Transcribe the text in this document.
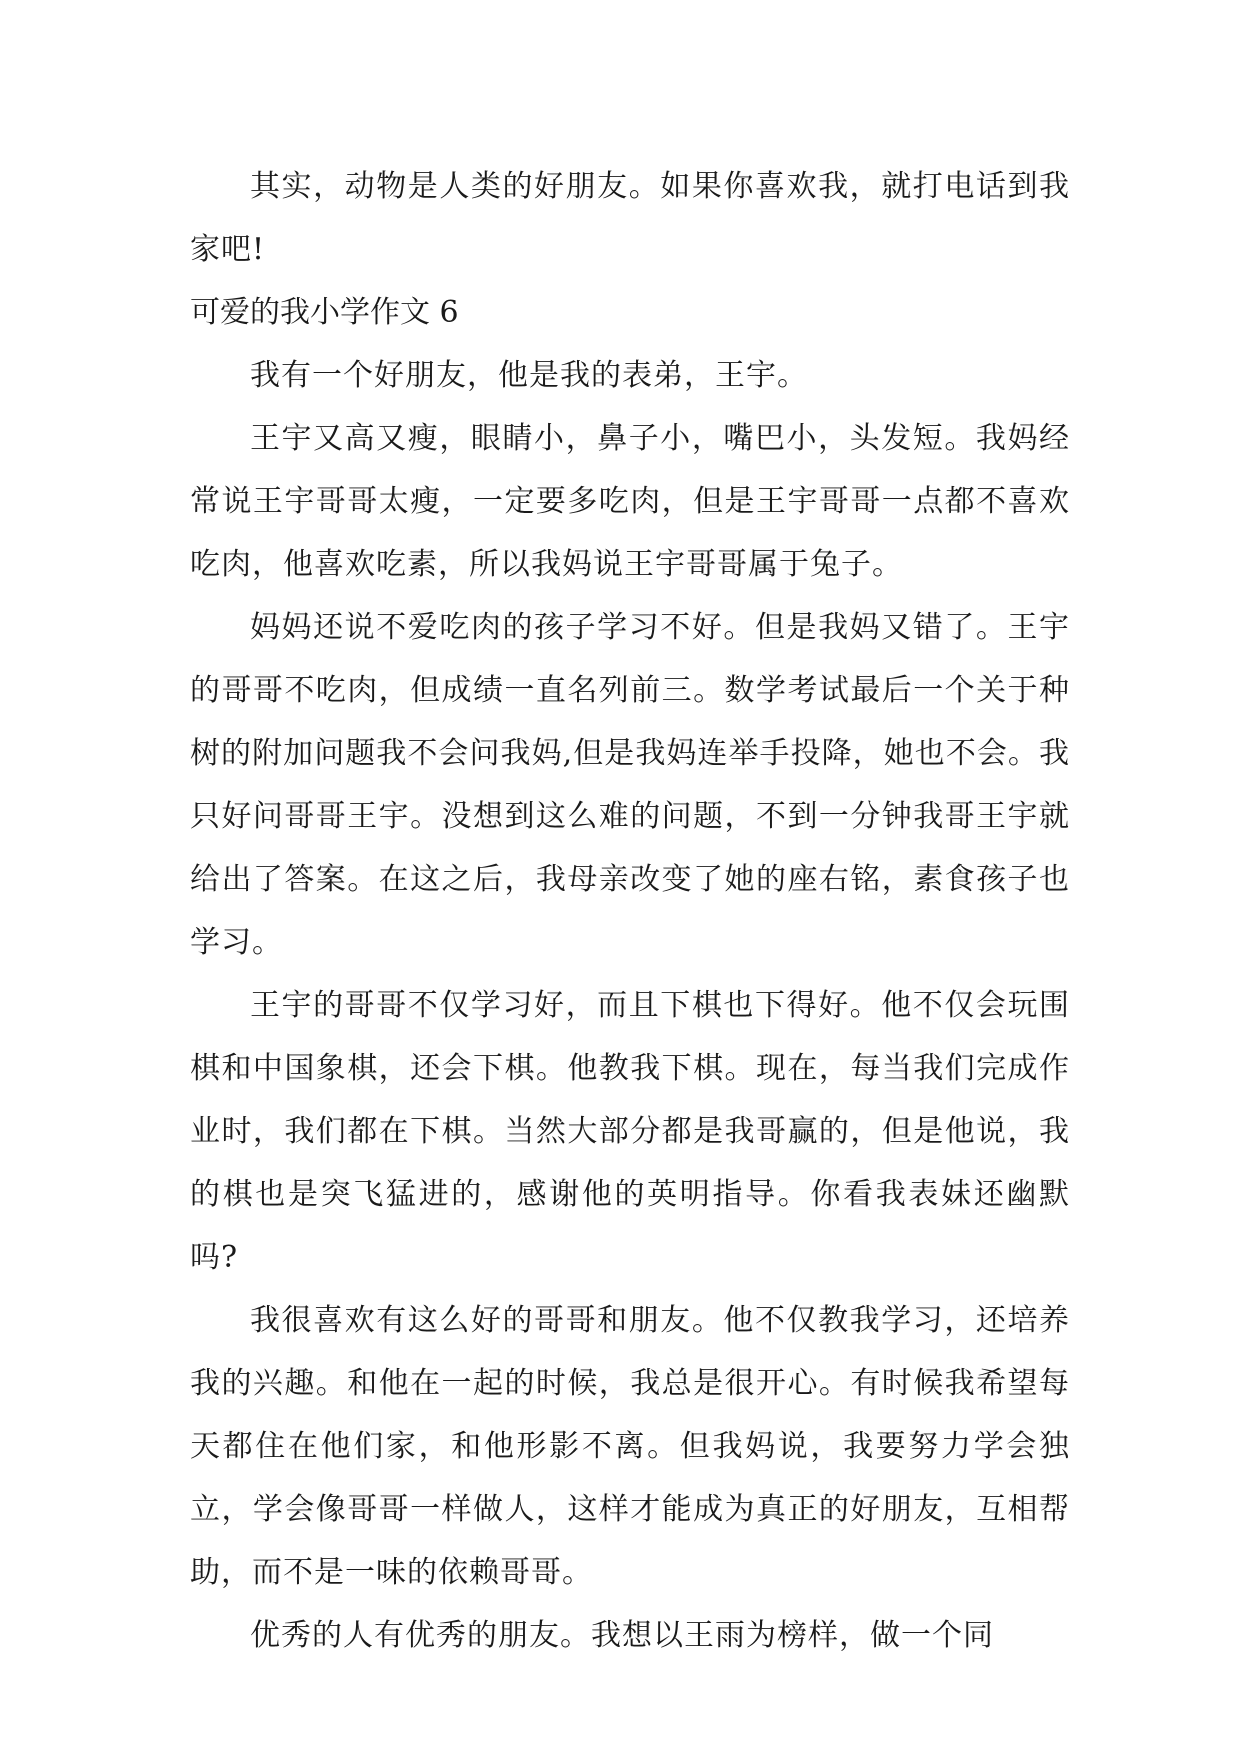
其实，动物是人类的好朋友。如果你喜欢我，就打电话到我家吧!

可爱的我小学作文 6

我有一个好朋友，他是我的表弟，王宇。

王宇又高又瘦，眼睛小，鼻子小，嘴巴小，头发短。我妈经常说王宇哥哥太瘦，一定要多吃肉，但是王宇哥哥一点都不喜欢吃肉，他喜欢吃素，所以我妈说王宇哥哥属于兔子。

妈妈还说不爱吃肉的孩子学习不好。但是我妈又错了。王宇的哥哥不吃肉，但成绩一直名列前三。数学考试最后一个关于种树的附加问题我不会问我妈,但是我妈连举手投降，她也不会。我只好问哥哥王宇。没想到这么难的问题，不到一分钟我哥王宇就给出了答案。在这之后，我母亲改变了她的座右铭，素食孩子也学习。

王宇的哥哥不仅学习好，而且下棋也下得好。他不仅会玩围棋和中国象棋，还会下棋。他教我下棋。现在，每当我们完成作业时，我们都在下棋。当然大部分都是我哥赢的，但是他说，我的棋也是突飞猛进的，感谢他的英明指导。你看我表妹还幽默吗?

我很喜欢有这么好的哥哥和朋友。他不仅教我学习，还培养我的兴趣。和他在一起的时候，我总是很开心。有时候我希望每天都住在他们家，和他形影不离。但我妈说，我要努力学会独立，学会像哥哥一样做人，这样才能成为真正的好朋友，互相帮助，而不是一味的依赖哥哥。

优秀的人有优秀的朋友。我想以王雨为榜样，做一个同
